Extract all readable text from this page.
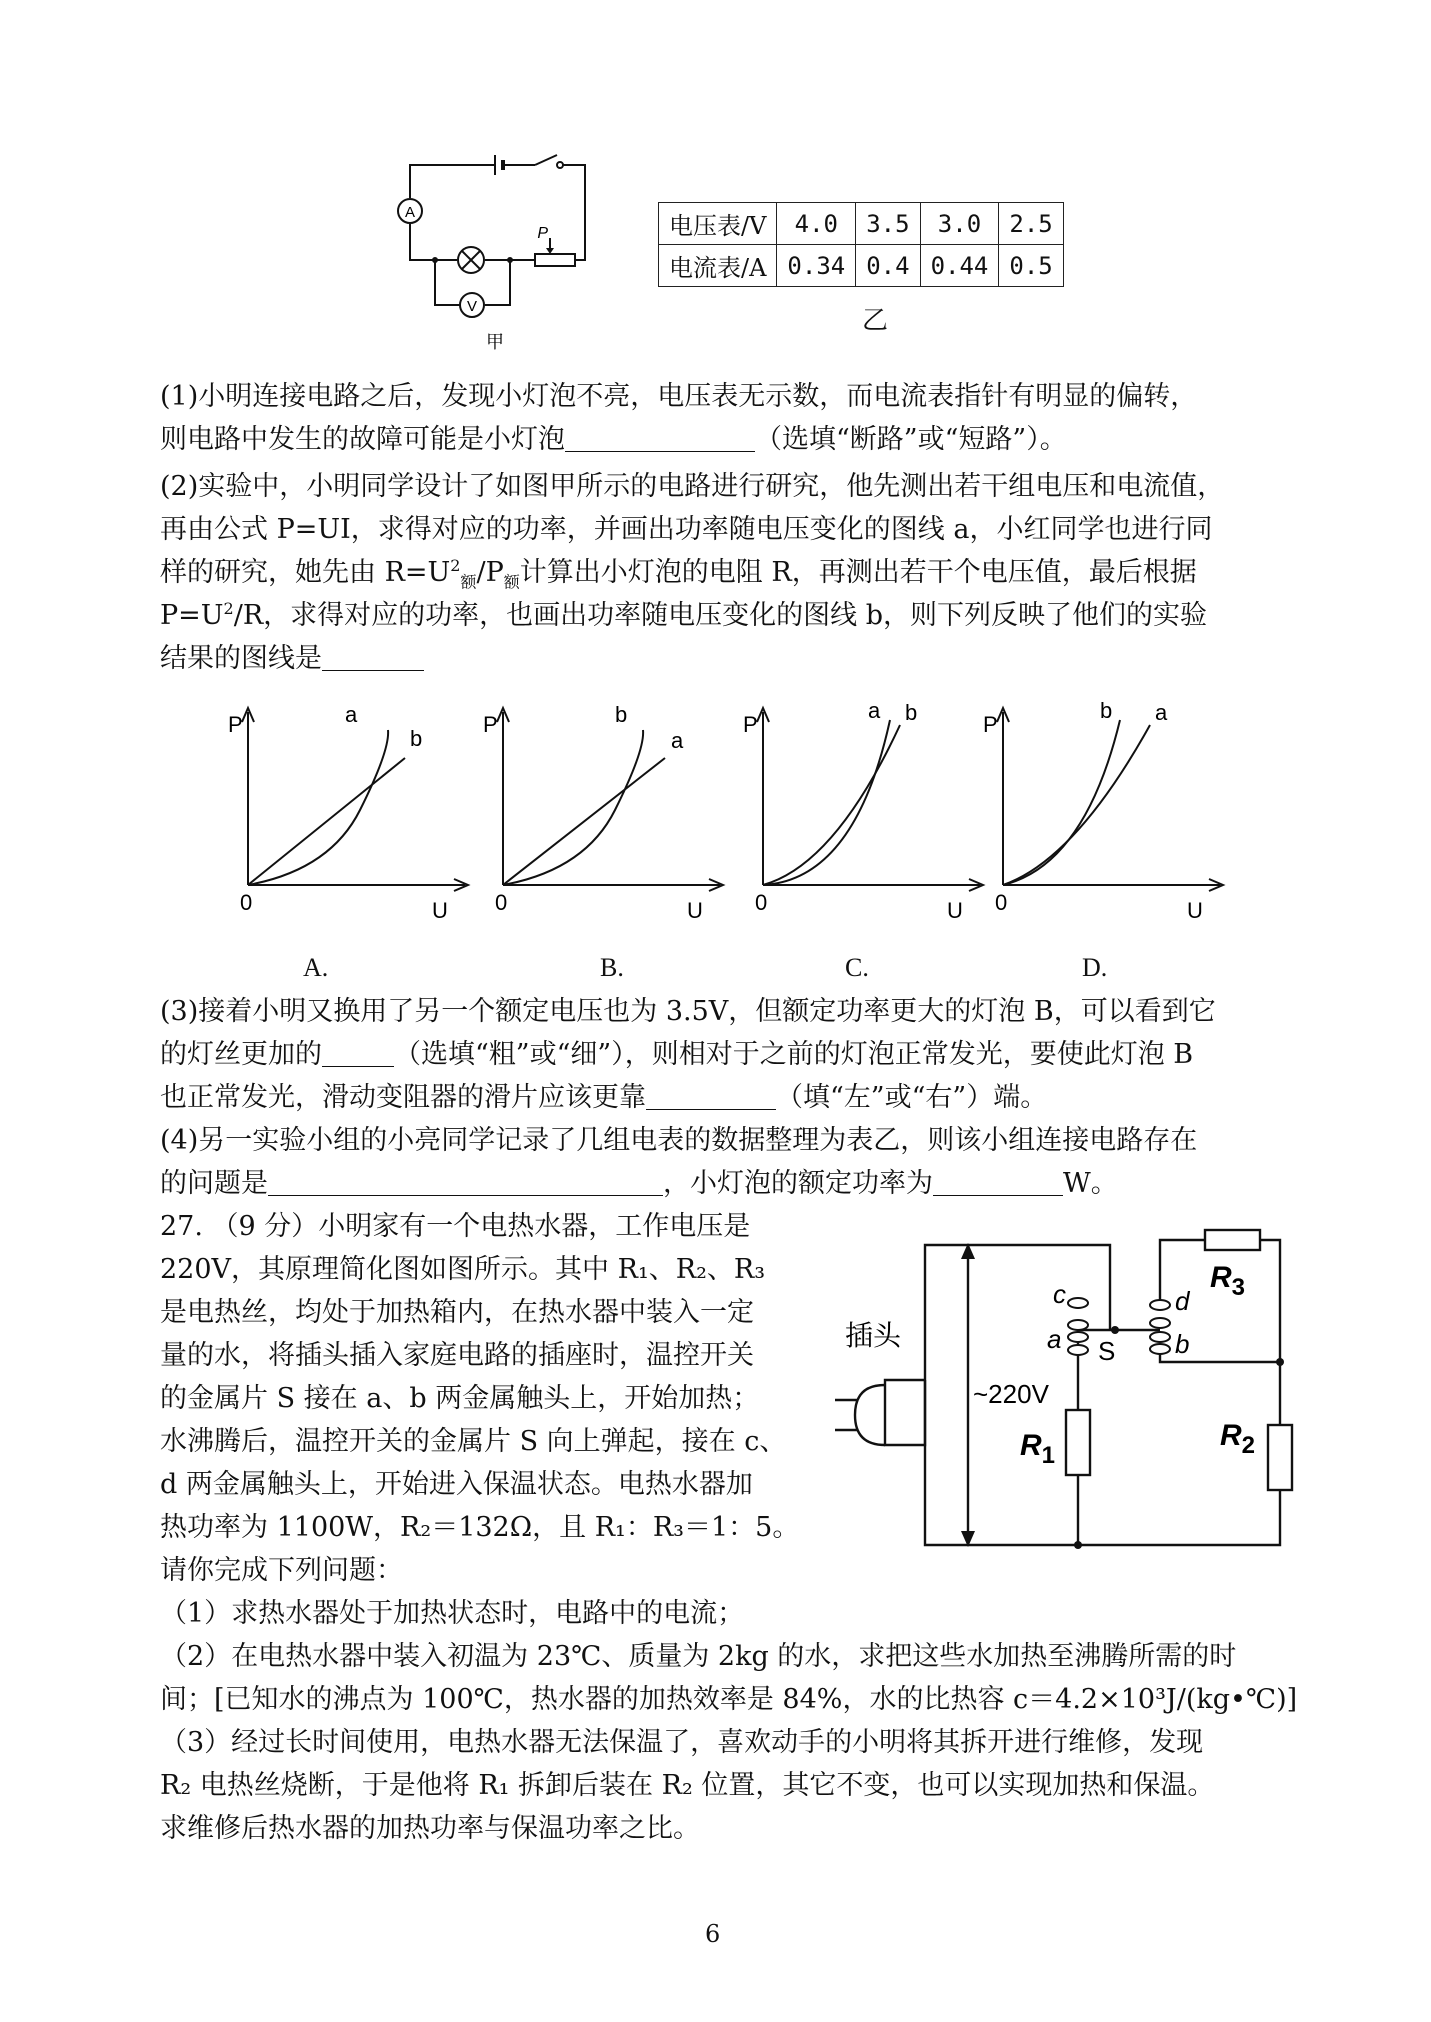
A
V
P
甲
电压表/V	4.0	3.5	3.0	2.5
电流表/A	0.34	0.4	0.44	0.5
乙
(1)小明连接电路之后，发现小灯泡不亮，电压表无示数，而电流表指针有明显的偏转，
则电路中发生的故障可能是小灯泡	（选填“断路”或“短路”）。
(2)实验中，小明同学设计了如图甲所示的电路进行研究，他先测出若干组电压和电流值，
再由公式 P=UI，求得对应的功率，并画出功率随电压变化的图线 a，小红同学也进行同
样的研究，她先由 $R=U^2_额/P_额$计算出小灯泡的电阻 R，再测出若干个电压值，最后根据
$P=U^2/R$，求得对应的功率，也画出功率随电压变化的图线 b，则下列反映了他们的实验
结果的图线是
P
0	U
a
b
P
0	U
b
a
P
0	U
a b	P
0	U
b a
A.	B.	C.	D.
(3)接着小明又换用了另一个额定电压也为 3.5V，但额定功率更大的灯泡 B，可以看到它
的灯丝更加的	（选填“粗”或“细”），则相对于之前的灯泡正常发光，要使此灯泡 B
也正常发光，滑动变阻器的滑片应该更靠	（填“左”或“右”）端。
(4)另一实验小组的小亮同学记录了几组电表的数据整理为表乙，则该小组连接电路存在
的问题是	，小灯泡的额定功率为	W。
27. （9 分）小明家有一个电热水器，工作电压是
220V，其原理简化图如图所示。其中 R₁、R₂、R₃
是电热丝，均处于加热箱内，在热水器中装入一定
量的水，将插头插入家庭电路的插座时，温控开关
的金属片 S 接在 a、b 两金属触头上，开始加热；
水沸腾后，温控开关的金属片 S 向上弹起，接在 c、
d 两金属触头上，开始进入保温状态。电热水器加
热功率为 1100W，R₂＝132Ω，且 R₁：R₃＝1：5。
请你完成下列问题：
（1）求热水器处于加热状态时，电路中的电流；
（2）在电热水器中装入初温为 23℃、质量为 2kg 的水，求把这些水加热至沸腾所需的时
间；[已知水的沸点为 100℃，热水器的加热效率是 84%，水的比热容 c＝4.2×10³J/(kg•℃)]
（3）经过长时间使用，电热水器无法保温了，喜欢动手的小明将其拆开进行维修，发现
R₂ 电热丝烧断，于是他将 R₁ 拆卸后装在 R₂ 位置，其它不变，也可以实现加热和保温。
求维修后热水器的加热功率与保温功率之比。
插头
~220V
c
a S
d
b
$R_1$
$R_2$
$R_3$
6
